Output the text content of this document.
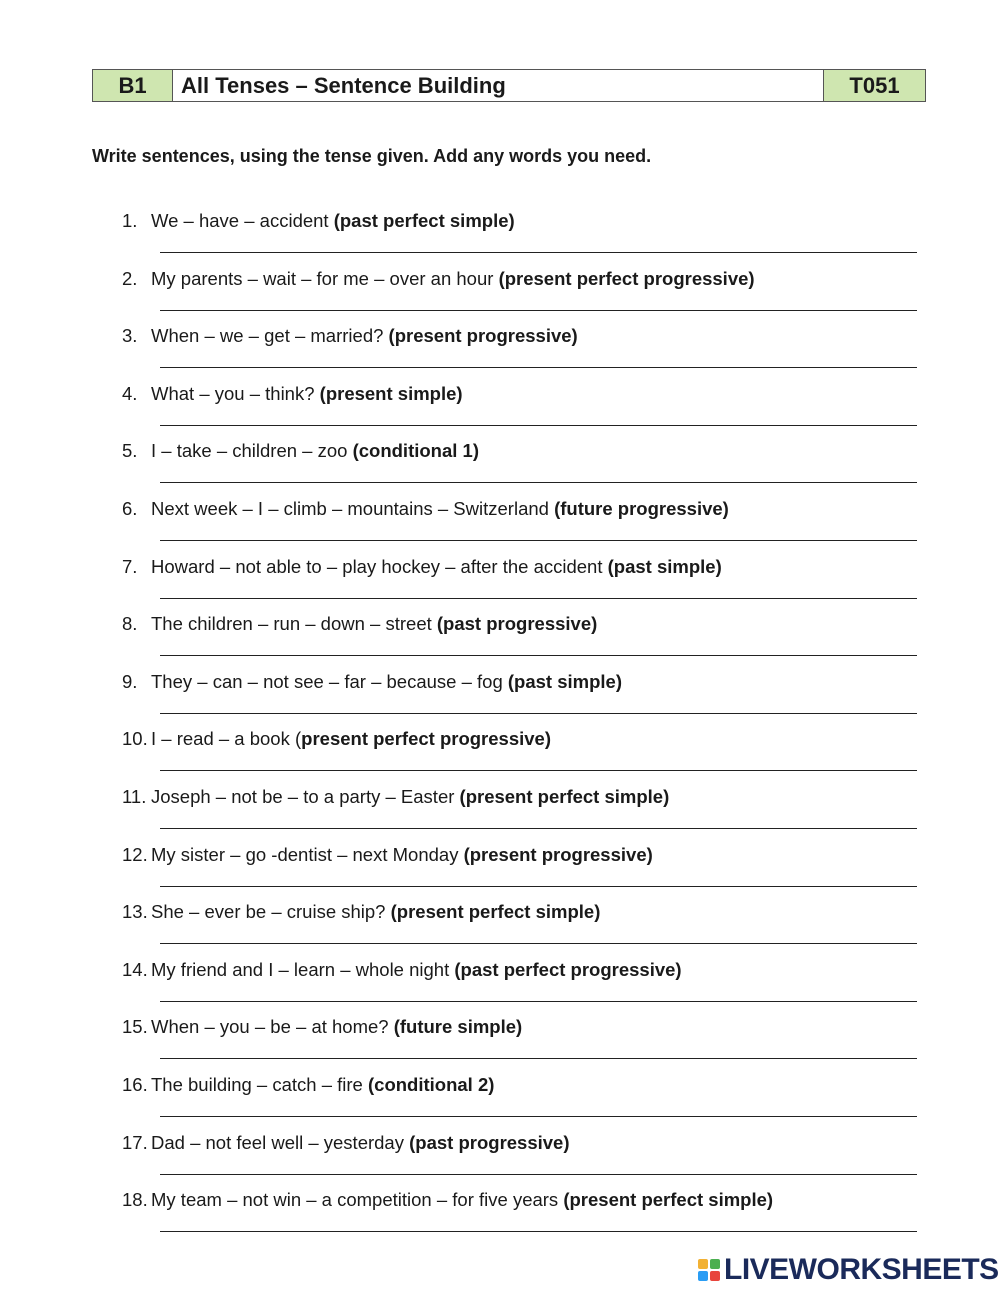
B1	All Tenses – Sentence Building	T051
Write sentences, using the tense given. Add any words you need.
1. We – have – accident (past perfect simple)
2. My parents – wait – for me – over an hour (present perfect progressive)
3. When – we – get – married? (present progressive)
4. What – you – think? (present simple)
5. I – take – children – zoo (conditional 1)
6. Next week – I – climb – mountains – Switzerland (future progressive)
7. Howard – not able to – play hockey – after the accident (past simple)
8. The children – run – down – street (past progressive)
9. They – can – not see – far – because – fog (past simple)
10. I – read – a book (present perfect progressive)
11. Joseph – not be – to a party – Easter (present perfect simple)
12. My sister – go -dentist – next Monday (present progressive)
13. She – ever be – cruise ship? (present perfect simple)
14. My friend and I – learn – whole night (past perfect progressive)
15. When – you – be – at home? (future simple)
16. The building – catch – fire (conditional 2)
17. Dad – not feel well – yesterday (past progressive)
18. My team – not win – a competition – for five years (present perfect simple)
LIVEWORKSHEETS
